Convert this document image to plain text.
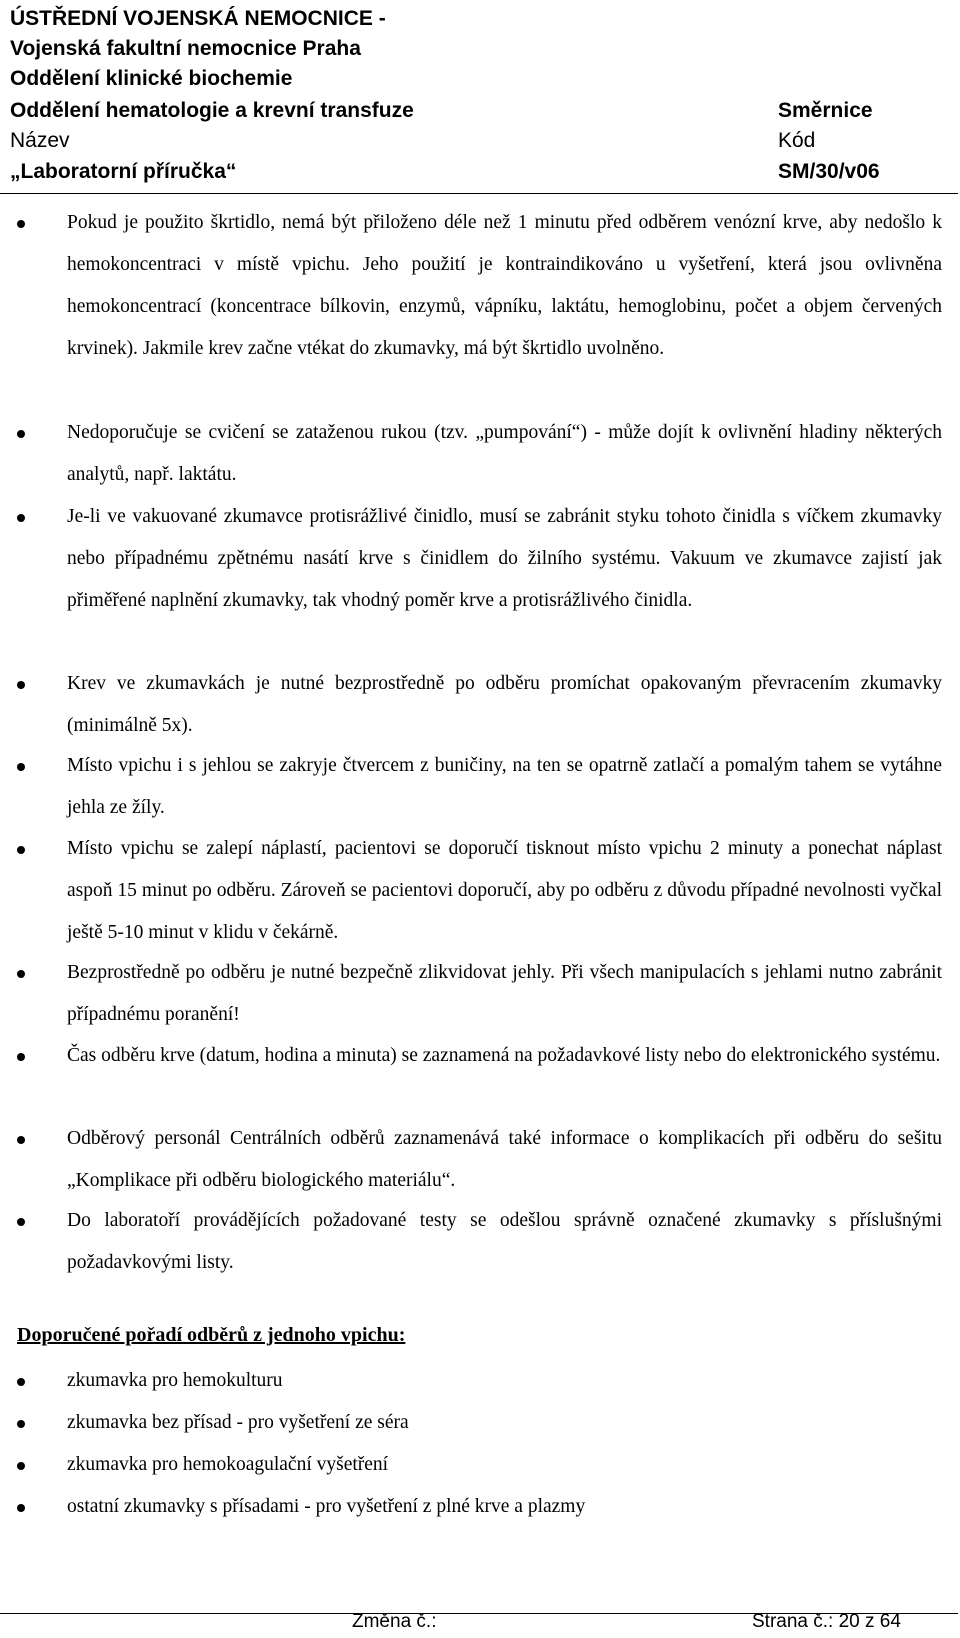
ÚSTŘEDNÍ VOJENSKÁ NEMOCNICE -
Vojenská fakultní nemocnice Praha
Oddělení klinické biochemie
Oddělení hematologie a krevní transfuze	Směrnice
Název	Kód
„Laboratorní příručka“	SM/30/v06
Pokud je použito škrtidlo, nemá být přiloženo déle než 1 minutu před odběrem venózní krve, aby nedošlo k hemokoncentraci v místě vpichu. Jeho použití je kontraindikováno u vyšetření, která jsou ovlivněna hemokoncentrací (koncentrace bílkovin, enzymů, vápníku, laktátu, hemoglobinu, počet a objem červených krvinek). Jakmile krev začne vtékat do zkumavky, má být škrtidlo uvolněno.
Nedoporučuje se cvičení se zataženou rukou (tzv. „pumpování“) - může dojít k ovlivnění hladiny některých analytů, např. laktátu.
Je-li ve vakuované zkumavce protisrážlivé činidlo, musí se zabránit styku tohoto činidla s víčkem zkumavky nebo případnému zpětnému nasátí krve s činidlem do žilního systému. Vakuum ve zkumavce zajistí jak přiměřené naplnění zkumavky, tak vhodný poměr krve a protisrážlivého činidla.
Krev ve zkumavkách je nutné bezprostředně po odběru promíchat opakovaným převracením zkumavky (minimálně 5x).
Místo vpichu i s jehlou se zakryje čtvercem z buničiny, na ten se opatrně zatlačí a pomalým tahem se vytáhne jehla ze žíly.
Místo vpichu se zalepí náplastí, pacientovi se doporučí tisknout místo vpichu 2 minuty a ponechat náplast aspoň 15 minut po odběru. Zároveň se pacientovi doporučí, aby po odběru z důvodu případné nevolnosti vyčkal ještě 5-10 minut v klidu v čekárně.
Bezprostředně po odběru je nutné bezpečně zlikvidovat jehly. Při všech manipulacích s jehlami nutno zabránit případnému poranění!
Čas odběru krve (datum, hodina a minuta) se zaznamená na požadavkové listy nebo do elektronického systému.
Odběrový personál Centrálních odběrů zaznamenává také informace o komplikacích při odběru do sešitu „Komplikace při odběru biologického materiálu“.
Do laboratoří provádějících požadované testy se odešlou správně označené zkumavky s příslušnými požadavkovými listy.
Doporučené pořadí odběrů z jednoho vpichu:
zkumavka pro hemokulturu
zkumavka bez přísad - pro vyšetření ze séra
zkumavka pro hemokoagulační vyšetření
ostatní zkumavky s přísadami - pro vyšetření z plné krve a plazmy
Změna č.:	Strana č.: 20 z 64
